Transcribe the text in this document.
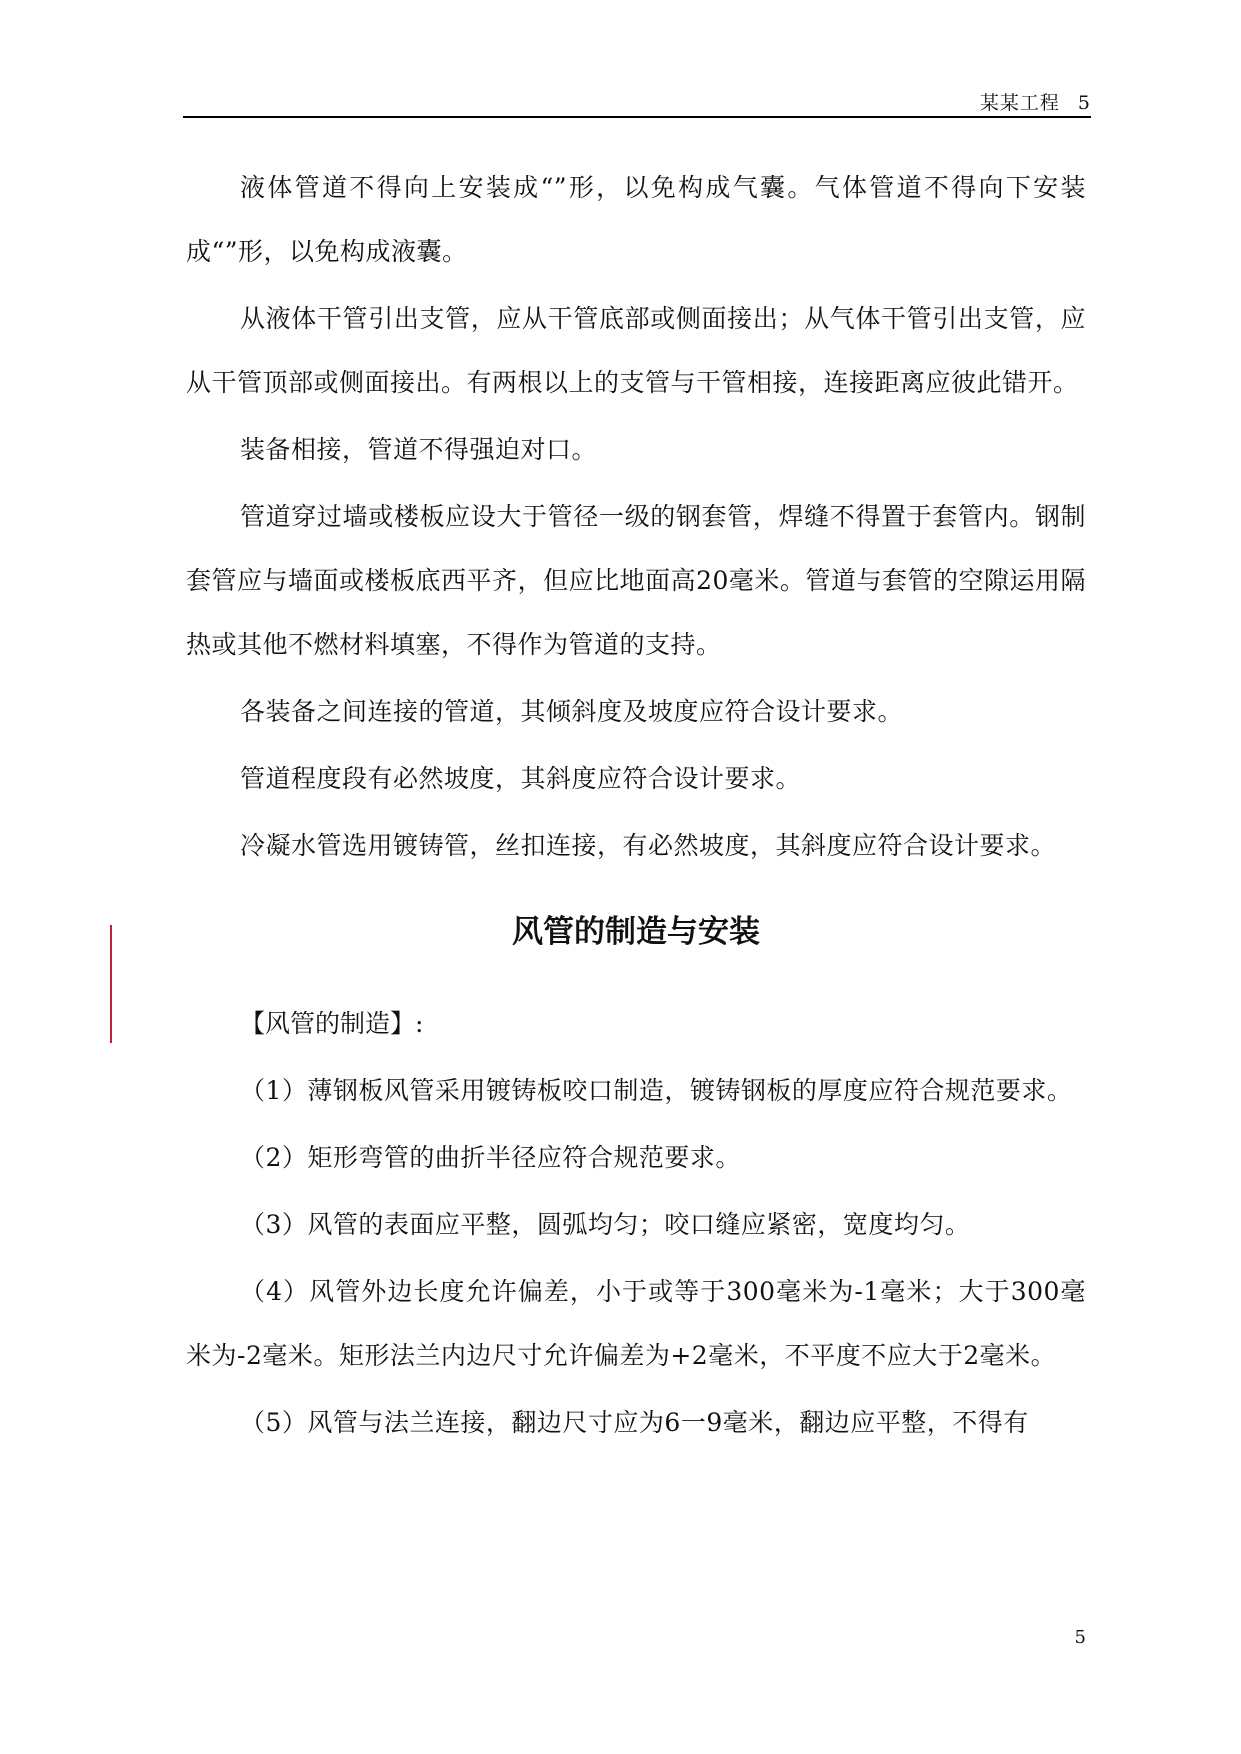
某某工程 5

液体管道不得向上安装成“”形，以免构成气囊。气体管道不得向下安装成“”形，以免构成液囊。

从液体干管引出支管，应从干管底部或侧面接出；从气体干管引出支管，应从干管顶部或侧面接出。有两根以上的支管与干管相接，连接距离应彼此错开。

装备相接，管道不得强迫对口。

管道穿过墙或楼板应设大于管径一级的钢套管，焊缝不得置于套管内。钢制套管应与墙面或楼板底西平齐，但应比地面高20毫米。管道与套管的空隙运用隔热或其他不燃材料填塞，不得作为管道的支持。

各装备之间连接的管道，其倾斜度及坡度应符合设计要求。

管道程度段有必然坡度，其斜度应符合设计要求。

冷凝水管选用镀铸管，丝扣连接，有必然坡度，其斜度应符合设计要求。

风管的制造与安装

【风管的制造】:

（1）薄钢板风管采用镀铸板咬口制造，镀铸钢板的厚度应符合规范要求。

（2）矩形弯管的曲折半径应符合规范要求。

（3）风管的表面应平整，圆弧均匀；咬口缝应紧密，宽度均匀。

（4）风管外边长度允许偏差，小于或等于300毫米为-1毫米；大于300毫米为-2毫米。矩形法兰内边尺寸允许偏差为+2毫米，不平度不应大于2毫米。

（5）风管与法兰连接，翻边尺寸应为6一9毫米，翻边应平整，不得有

5
